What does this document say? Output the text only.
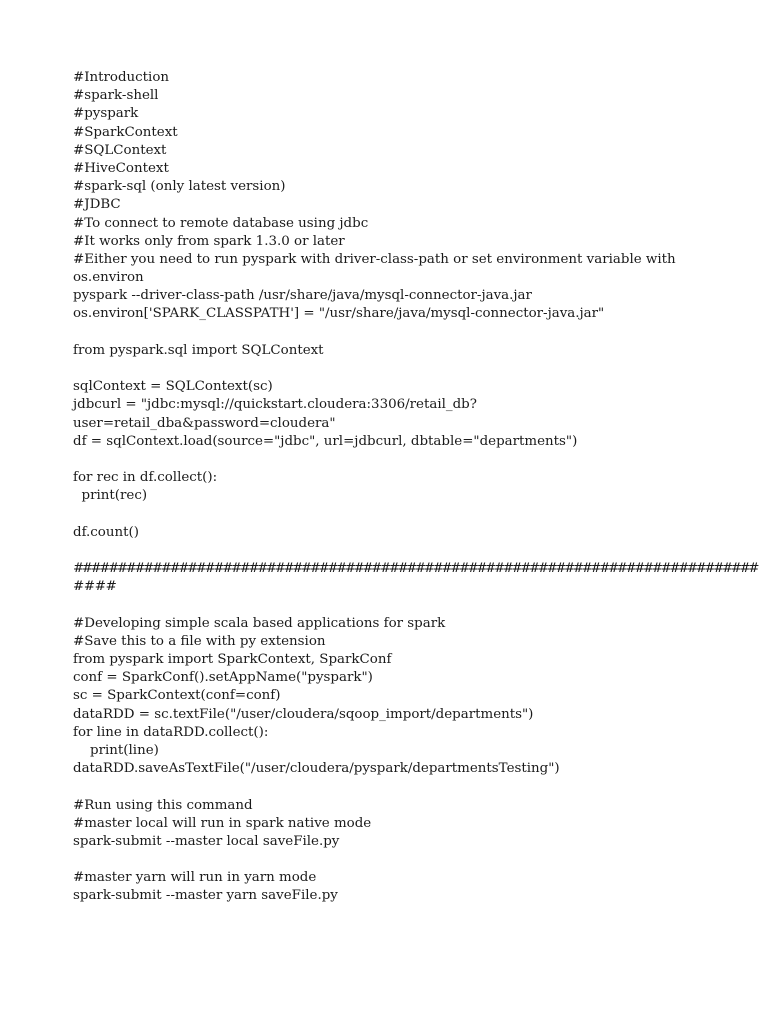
#Introduction
#spark-shell
#pyspark
#SparkContext
#SQLContext
#HiveContext
#spark-sql (only latest version)
#JDBC
#To connect to remote database using jdbc
#It works only from spark 1.3.0 or later
#Either you need to run pyspark with driver-class-path or set environment variable with
os.environ
pyspark --driver-class-path /usr/share/java/mysql-connector-java.jar
os.environ['SPARK_CLASSPATH'] = "/usr/share/java/mysql-connector-java.jar"
from pyspark.sql import SQLContext
sqlContext = SQLContext(sc)
jdbcurl = "jdbc:mysql://quickstart.cloudera:3306/retail_db?
user=retail_dba&password=cloudera"
df = sqlContext.load(source="jdbc", url=jdbcurl, dbtable="departments")
for rec in df.collect():
print(rec)
df.count()
##############################################################################
####
#Developing simple scala based applications for spark
#Save this to a file with py extension
from pyspark import SparkContext, SparkConf
conf = SparkConf().setAppName("pyspark")
sc = SparkContext(conf=conf)
dataRDD = sc.textFile("/user/cloudera/sqoop_import/departments")
for line in dataRDD.collect():
print(line)
dataRDD.saveAsTextFile("/user/cloudera/pyspark/departmentsTesting")
#Run using this command
#master local will run in spark native mode
spark-submit --master local saveFile.py
#master yarn will run in yarn mode
spark-submit --master yarn saveFile.py
